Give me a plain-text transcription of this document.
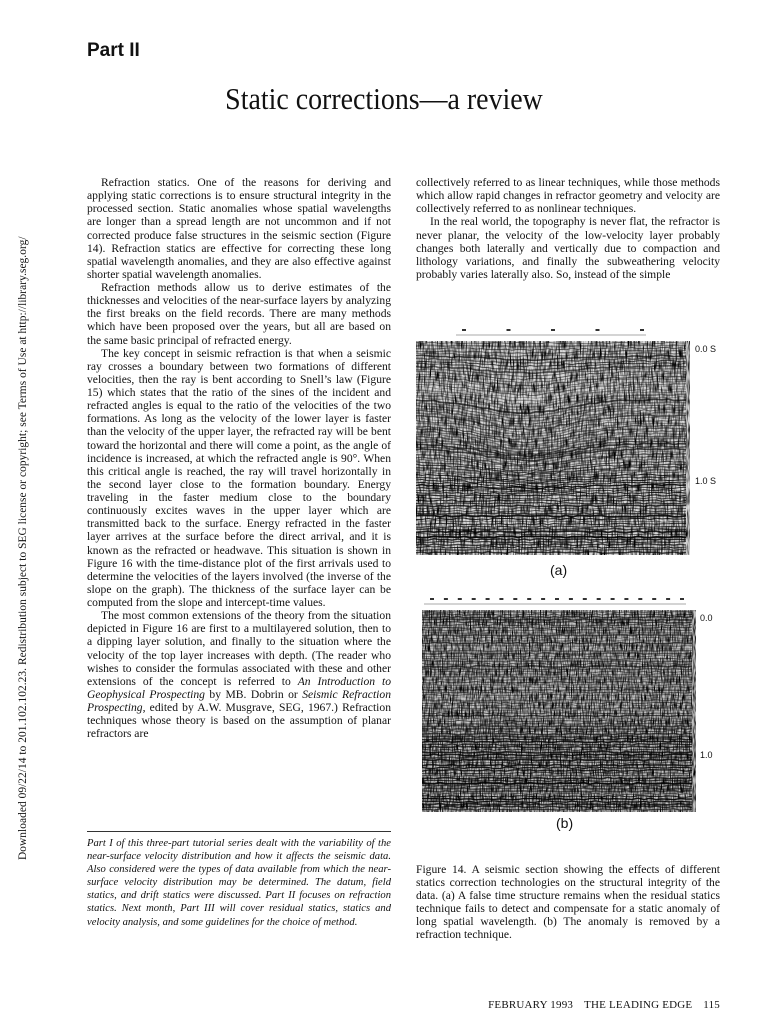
Downloaded 09/22/14 to 201.102.102.23. Redistribution subject to SEG license or copyright; see Terms of Use at http://library.seg.org/
Part II
Static corrections—a review

Refraction statics. One of the reasons for deriving and applying static corrections is to ensure structural integrity in the processed section. Static anomalies whose spatial wavelengths are longer than a spread length are not uncommon and if not corrected produce false structures in the seismic section (Figure 14). Refraction statics are effective for correcting these long spatial wavelength anomalies, and they are also effective against shorter spatial wavelength anomalies.

Refraction methods allow us to derive estimates of the thicknesses and velocities of the near-surface layers by analyzing the first breaks on the field records. There are many methods which have been proposed over the years, but all are based on the same basic principal of refracted energy.

The key concept in seismic refraction is that when a seismic ray crosses a boundary between two formations of different velocities, then the ray is bent according to Snell’s law (Figure 15) which states that the ratio of the sines of the incident and refracted angles is equal to the ratio of the velocities of the two formations. As long as the velocity of the lower layer is faster than the velocity of the upper layer, the refracted ray will be bent toward the horizontal and there will come a point, as the angle of incidence is increased, at which the refracted angle is 90°. When this critical angle is reached, the ray will travel horizontally in the second layer close to the formation boundary. Energy traveling in the faster medium close to the boundary continuously excites waves in the upper layer which are transmitted back to the surface. Energy refracted in the faster layer arrives at the surface before the direct arrival, and it is known as the refracted or headwave. This situation is shown in Figure 16 with the time-distance plot of the first arrivals used to determine the velocities of the layers involved (the inverse of the slope on the graph). The thickness of the surface layer can be computed from the slope and intercept-time values.

The most common extensions of the theory from the situation depicted in Figure 16 are first to a multilayered solution, then to a dipping layer solution, and finally to the situation where the velocity of the top layer increases with depth. (The reader who wishes to consider the formulas associated with these and other extensions of the concept is referred to An Introduction to Geophysical Prospecting by MB. Dobrin or Seismic Refraction Prospecting, edited by A.W. Musgrave, SEG, 1967.) Refraction techniques whose theory is based on the assumption of planar refractors are

Part I of this three-part tutorial series dealt with the variability of the near-surface velocity distribution and how it affects the seismic data. Also considered were the types of data available from which the near-surface velocity distribution may be determined. The datum, field statics, and drift statics were discussed. Part II focuses on refraction statics. Next month, Part III will cover residual statics, statics and velocity analysis, and some guidelines for the choice of method.

collectively referred to as linear techniques, while those methods which allow rapid changes in refractor geometry and velocity are collectively referred to as nonlinear techniques.

In the real world, the topography is never flat, the refractor is never planar, the velocity of the low-velocity layer probably changes both laterally and vertically due to compaction and lithology variations, and finally the subweathering velocity probably varies laterally also. So, instead of the simple

0.0 S
1.0 S
(a)
0.0
1.0
(b)
Figure 14. A seismic section showing the effects of different statics correction technologies on the structural integrity of the data. (a) A false time structure remains when the residual statics technique fails to detect and compensate for a static anomaly of long spatial wavelength. (b) The anomaly is removed by a refraction technique.
FEBRUARY 1993 THE LEADING EDGE 115
